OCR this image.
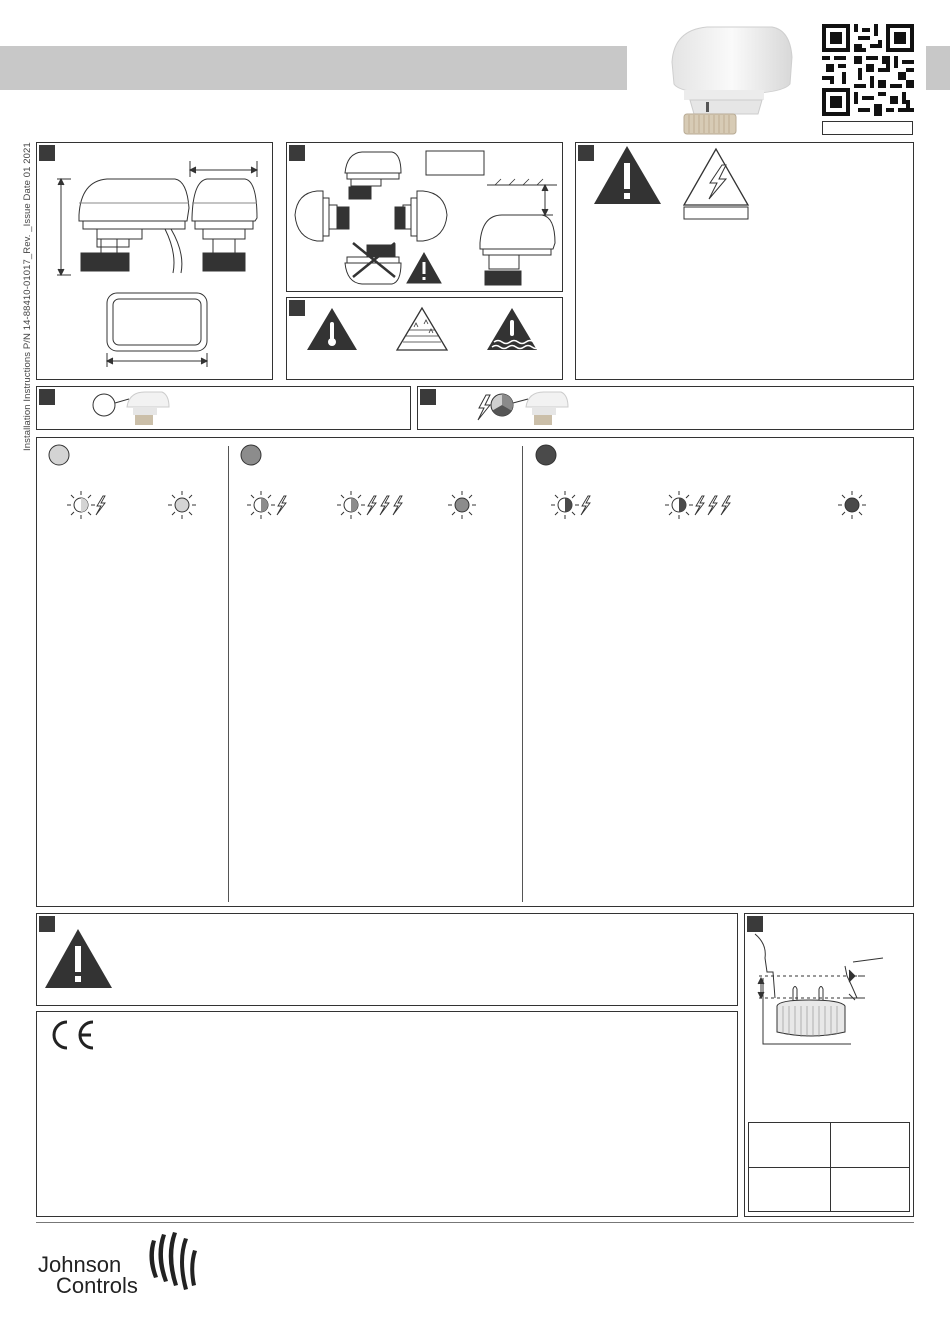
Installation Instructions P/N 14-88410-01017_Rev. _Issue Date 01 2021
Johnson
Controls
